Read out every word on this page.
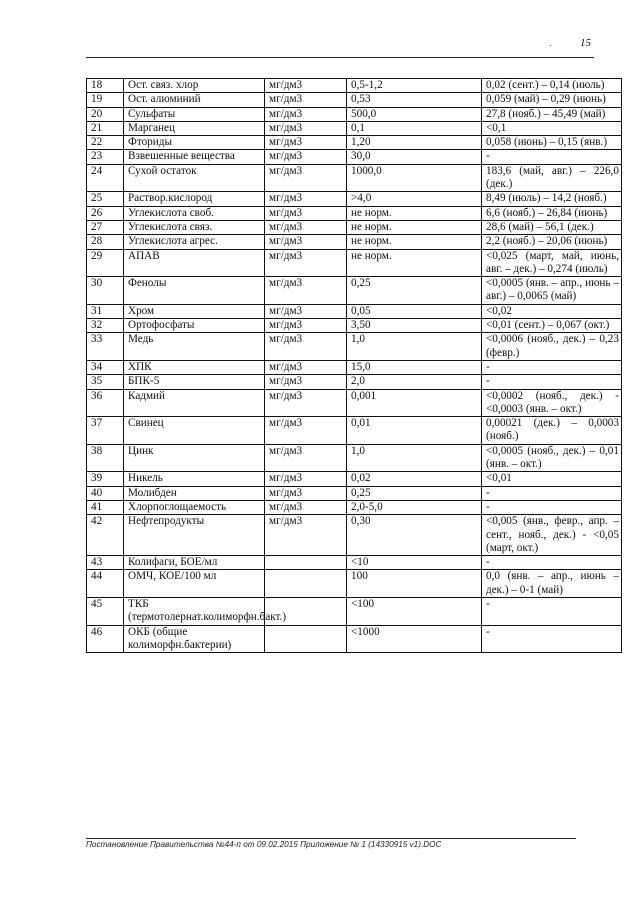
.	15
18	Ост. связ. хлор	мг/дм3	0,5-1,2	0,02 (сент.) – 0,14 (июль)
19	Ост. алюминий	мг/дм3	0,53	0,059 (май) – 0,29 (июнь)
20	Сульфаты	мг/дм3	500,0	27,8 (нояб.) – 45,49 (май)
21	Марганец	мг/дм3	0,1	<0,1
22	Фториды	мг/дм3	1,20	0,058 (июнь) – 0,15 (янв.)
23	Взвешенные вещества	мг/дм3	30,0	-
24	Сухой остаток	мг/дм3	1000,0	183,6 (май, авг.) – 226,0 (дек.)
25	Раствор.кислород	мг/дм3	>4,0	8,49 (июль) – 14,2 (нояб.)
26	Углекислота своб.	мг/дм3	не норм.	6,6 (нояб.) – 26,84 (июнь)
27	Углекислота связ.	мг/дм3	не норм.	28,6 (май) – 56,1 (дек.)
28	Углекислота агрес.	мг/дм3	не норм.	2,2 (нояб.) – 20,06 (июнь)
29	АПАВ	мг/дм3	не норм.	<0,025 (март, май, июнь, авг. – дек.) – 0,274 (июль)
30	Фенолы	мг/дм3	0,25	<0,0005 (янв. – апр., июнь – авг.) – 0,0065 (май)
31	Хром	мг/дм3	0,05	<0,02
32	Ортофосфаты	мг/дм3	3,50	<0,01 (сент.) – 0,067 (окт.)
33	Медь	мг/дм3	1,0	<0,0006 (нояб., дек.) – 0,23 (февр.)
34	ХПК	мг/дм3	15,0	-
35	БПК-5	мг/дм3	2,0	-
36	Кадмий	мг/дм3	0,001	<0,0002 (нояб., дек.) - <0,0003 (янв. – окт.)
37	Свинец	мг/дм3	0,01	0,00021 (дек.) – 0,0003 (нояб.)
38	Цинк	мг/дм3	1,0	<0,0005 (нояб., дек.) – 0,01 (янв. – окт.)
39	Никель	мг/дм3	0,02	<0,01
40	Молибден	мг/дм3	0,25	-
41	Хлорпоглощаемость	мг/дм3	2,0-5,0	-
42	Нефтепродукты	мг/дм3	0,30	<0,005 (янв., февр., апр. – сент., нояб., дек.) - <0,05 (март, окт.)
43	Колифаги, БОЕ/мл		<10	-
44	ОМЧ, КОЕ/100 мл		100	0,0 (янв. – апр., июнь – дек.) – 0-1 (май)
45	ТКБ (термотолернат.колиморфн.бакт.)		<100	-
46	ОКБ (общие колиморфн.бактерии)		<1000	-
Постановление Правительства №44-п от 09.02.2015 Приложение № 1 (14330915 v1).DOC
